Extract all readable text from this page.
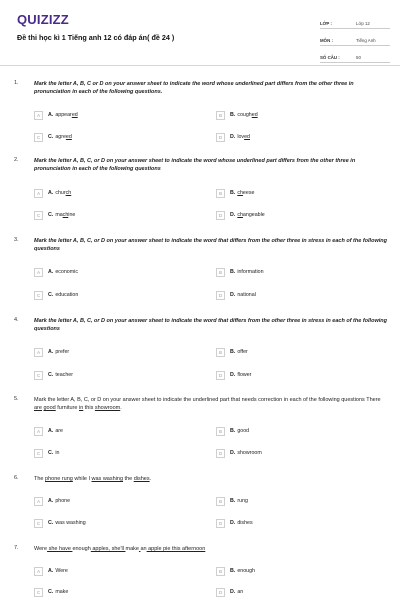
QUIZIZZ
Đề thi học kì 1 Tiếng anh 12 có đáp án( đề 24 )
LỚP :	Lớp 12
MÔN :	Tiếng Anh
SỐ CÂU :	50
1.	Mark the letter A, B, C or D on your answer sheet to indicate the word whose underlined part differs from the other three in pronunciation in each of the following questions.
A	A. appeared	B	B. coughed
C	C. agreed	D	D. loved
2.	Mark the letter A, B, C, or D on your answer sheet to indicate the word whose underlined part differs from the other three in pronunciation in each of the following questions
A	A. church	B	B. cheese
C	C. machine	D	D. changeable
3.	Mark the letter A, B, C, or D on your answer sheet to indicate the word that differs from the other three in stress in each of the following questions
A	A. economic	B	B. information
C	C. education	D	D. national
4.	Mark the letter A, B, C, or D on your answer sheet to indicate the word that differs from the other three in stress in each of the following questions
A	A. prefer	B	B. offer
C	C. teacher	D	D. flower
5.	Mark the letter A, B, C, or D on your answer sheet to indicate the underlined part that needs correction in each of the following questions There are good furniture in this showroom.
A	A. are	B	B. good
C	C. in	D	D. showroom
6.	The phone rung while I was washing the dishes.
A	A. phone	B	B. rung
C	C. was washing	D	D. dishes
7.	Were she have enough apples, she'll make an apple pie this afternoon
A	A. Were	B	B. enough
C	C. make	D	D. an
